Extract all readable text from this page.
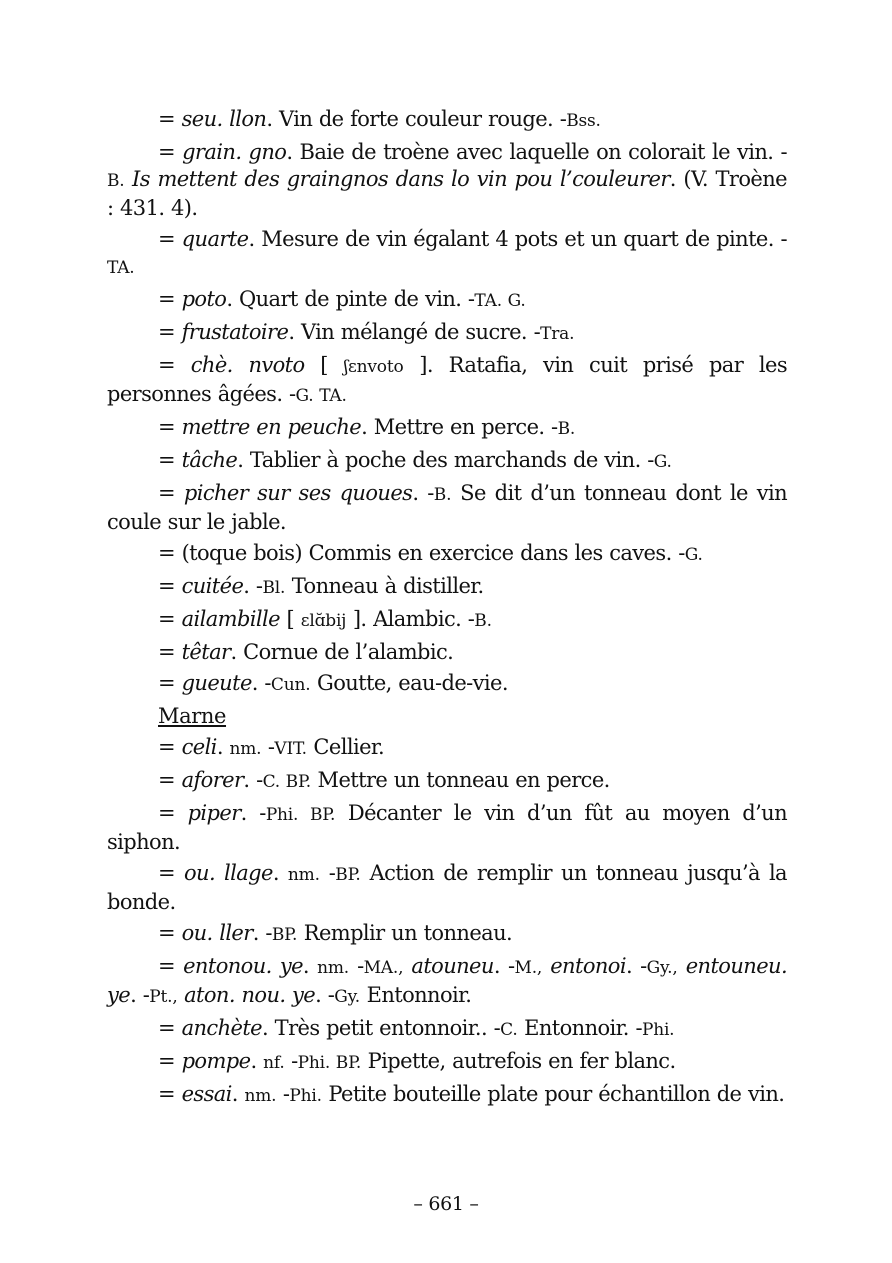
= seu. llon. Vin de forte couleur rouge. -Bss.

= grain. gno. Baie de troène avec laquelle on colorait le vin. -B. Is mettent des graingnos dans lo vin pou l’couleurer. (V. Troène : 431. 4).

= quarte. Mesure de vin égalant 4 pots et un quart de pinte. -TA.

= poto. Quart de pinte de vin. -TA. G.

= frustatoire. Vin mélangé de sucre. -Tra.

= chè. nvoto [ ʃɛnvoto ]. Ratafia, vin cuit prisé par les personnes âgées. -G. TA.

= mettre en peuche. Mettre en perce. -B.

= tâche. Tablier à poche des marchands de vin. -G.

= picher sur ses quoues. -B. Se dit d’un tonneau dont le vin coule sur le jable.

= (toque bois) Commis en exercice dans les caves. -G.

= cuitée. -Bl. Tonneau à distiller.

= ailambille [ ɛlɑ̆bij ]. Alambic. -B.

= têtar. Cornue de l’alambic.

= gueute. -Cun. Goutte, eau-de-vie.

Marne

= celi. nm. -VIT. Cellier.

= aforer. -C. BP. Mettre un tonneau en perce.

= piper. -Phi. BP. Décanter le vin d’un fût au moyen d’un siphon.

= ou. llage. nm. -BP. Action de remplir un tonneau jusqu’à la bonde.

= ou. ller. -BP. Remplir un tonneau.

= entonou. ye. nm. -MA., atouneu. -M., entonoi. -Gy., entouneu. ye. -Pt., aton. nou. ye. -Gy. Entonnoir.

= anchète. Très petit entonnoir.. -C. Entonnoir. -Phi.

= pompe. nf. -Phi. BP. Pipette, autrefois en fer blanc.

= essai. nm. -Phi. Petite bouteille plate pour échantillon de vin.

– 661 –
